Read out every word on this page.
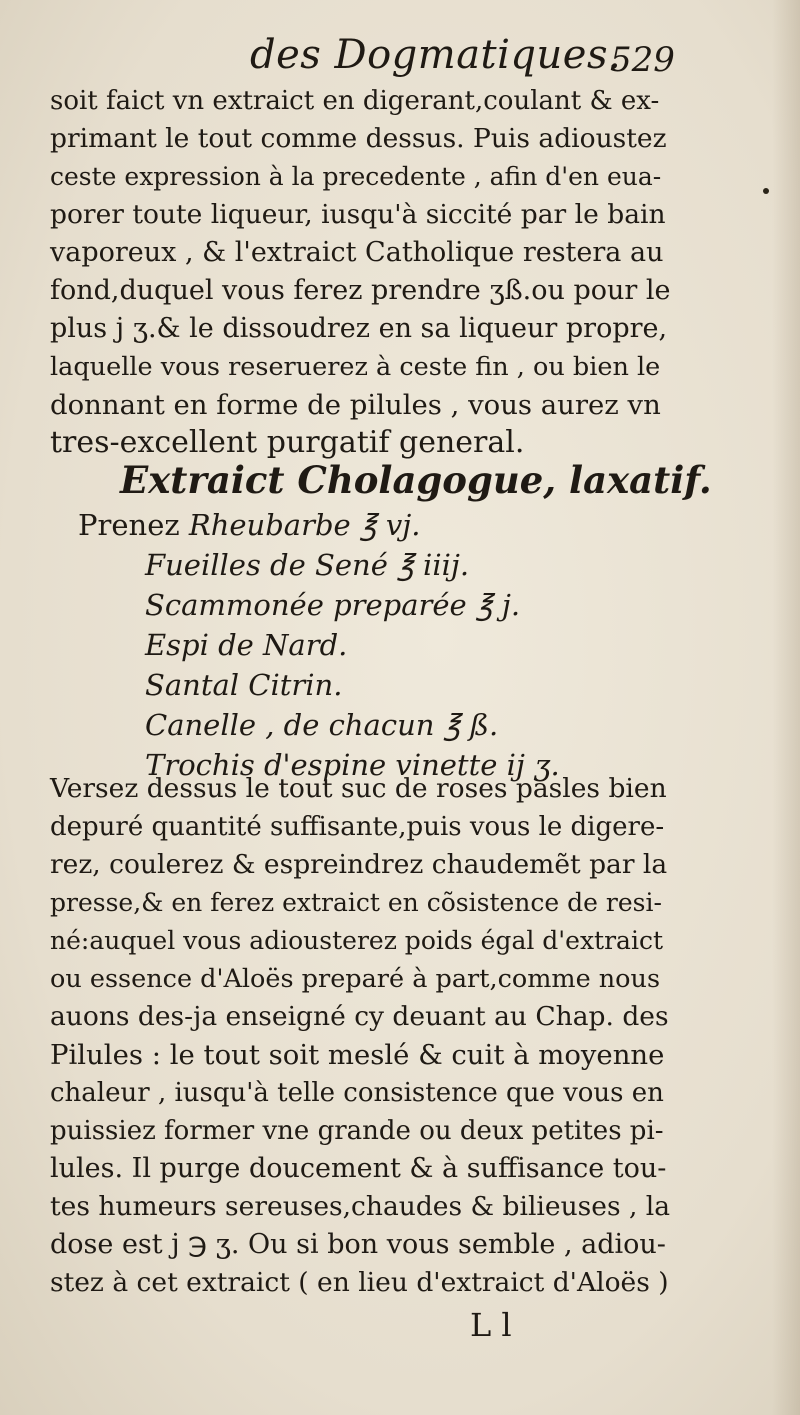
des Dogmatiques.
529
soit faict vn extraict en digerant,coulant & ex-
primant le tout comme dessus. Puis adioustez
ceste expression à la precedente , afin d'en eua-
porer toute liqueur, iusqu'à siccité par le bain
vaporeux , & l'extraict Catholique restera au
fond,duquel vous ferez prendre ʒß.ou pour le
plus j ʒ.& le dissoudrez en sa liqueur propre,
laquelle vous reseruerez à ceste fin , ou bien le
donnant en forme de pilules , vous aurez vn
tres-excellent purgatif general.
Extraict Cholagogue, laxatif.
Prenez Rheubarbe ℥ vj.
Fueilles de Sené ℥ iiij.
Scammonée preparée ℥ j.
Espi de Nard.
Santal Citrin.
Canelle , de chacun ℥ ß.
Trochis d'espine vinette ij ʒ.
Versez dessus le tout suc de roses pasles bien
depuré quantité suffisante,puis vous le digere-
rez, coulerez & espreindrez chaudemẽt par la
presse,& en ferez extraict en cõsistence de resi-
né:auquel vous adiousterez poids égal d'extraict
ou essence d'Aloës preparé à part,comme nous
auons des-ja enseigné cy deuant au Chap. des
Pilules : le tout soit meslé & cuit à moyenne
chaleur , iusqu'à telle consistence que vous en
puissiez former vne grande ou deux petites pi-
lules. Il purge doucement & à suffisance tou-
tes humeurs sereuses,chaudes & bilieuses , la
dose est j ℈ ʒ. Ou si bon vous semble , adiou-
stez à cet extraict ( en lieu d'extraict d'Aloës )
L l
